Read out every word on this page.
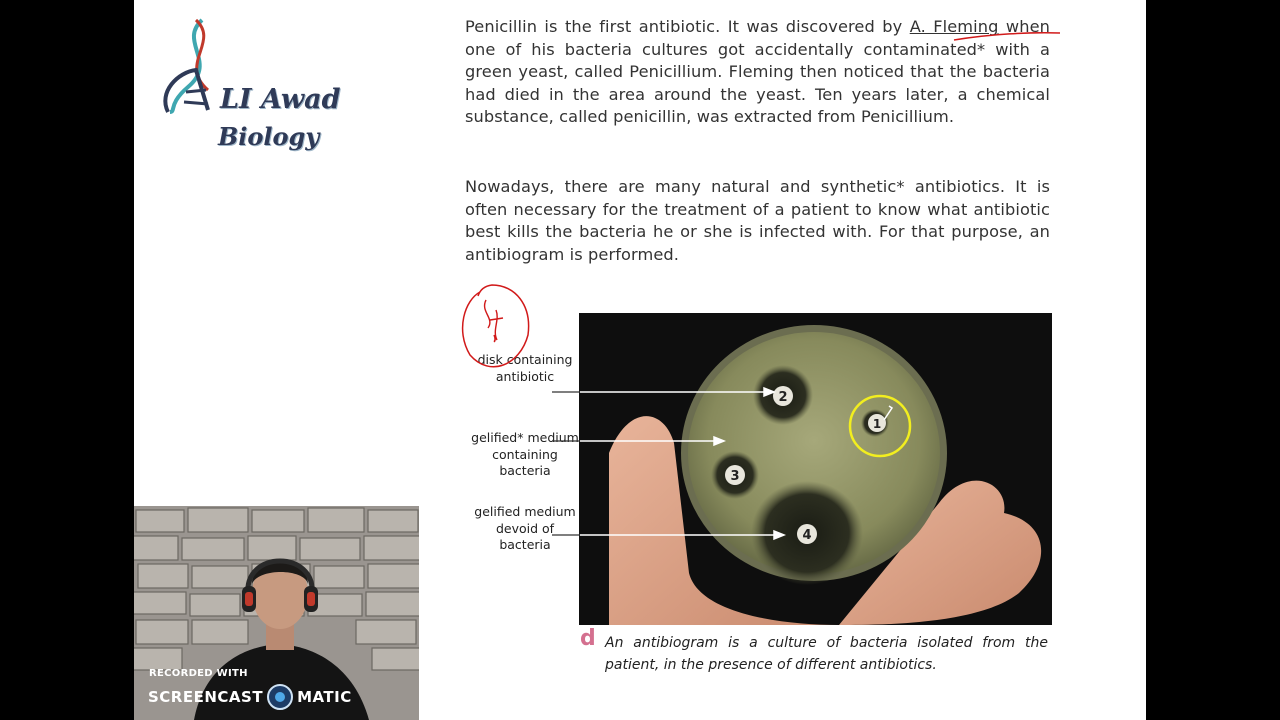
LI Awad
Biology

Penicillin is the first antibiotic. It was discovered by A. Fleming when one of his bacteria cultures got accidentally contaminated* with a green yeast, called Penicillium. Fleming then noticed that the bacteria had died in the area around the yeast. Ten years later, a chemical substance, called penicillin, was extracted from Penicillium.

Nowadays, there are many natural and synthetic* antibiotics. It is often necessary for the treatment of a patient to know what antibiotic best kills the bacteria he or she is infected with. For that purpose, an antibiogram is performed.

disk containing antibiotic
gelified* medium containing bacteria
gelified medium devoid of bacteria
2
1
3
4
d An antibiogram is a culture of bacteria isolated from the patient, in the presence of different antibiotics.
RECORDED WITH
SCREENCAST MATIC
